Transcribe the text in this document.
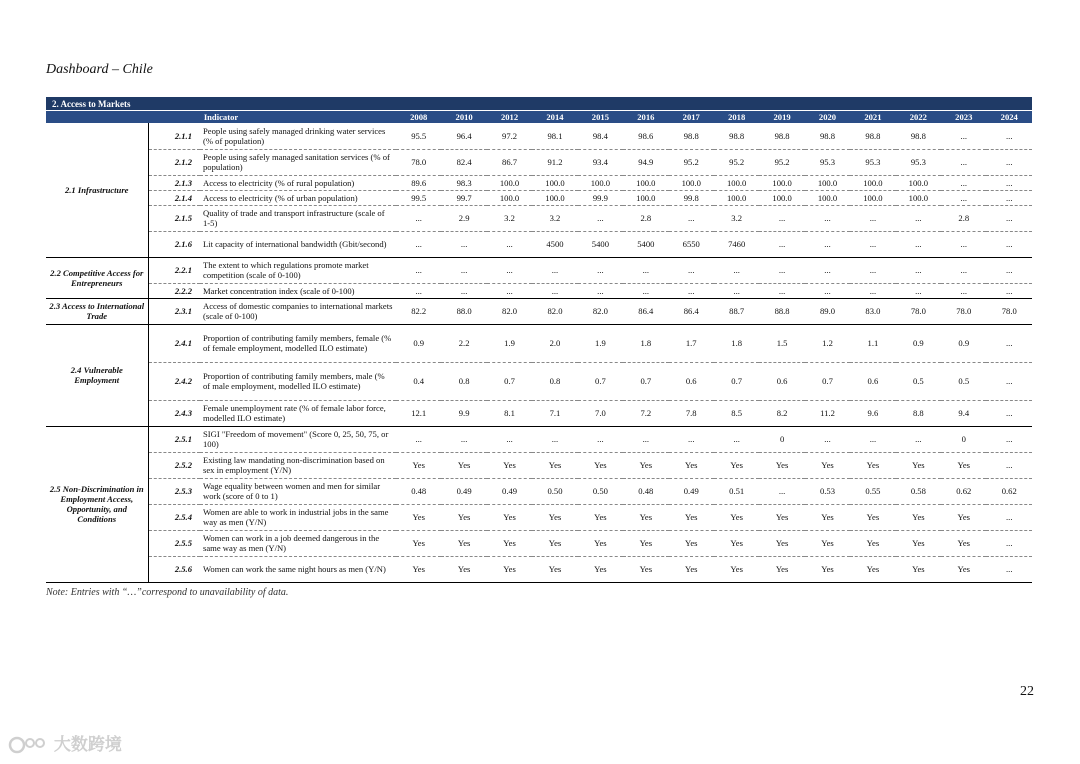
Dashboard – Chile
2. Access to Markets																
Indicator			2008	2010	2012	2014	2015	2016	2017	2018	2019	2020	2021	2022	2023	2024
2.1 Infrastructure	2.1.1	People using safely managed drinking water services (% of population)	95.5	96.4	97.2	98.1	98.4	98.6	98.8	98.8	98.8	98.8	98.8	98.8	...	...
	2.1.2	People using safely managed sanitation services (% of population)	78.0	82.4	86.7	91.2	93.4	94.9	95.2	95.2	95.2	95.3	95.3	95.3	...	...
	2.1.3	Access to electricity (% of rural population)	89.6	98.3	100.0	100.0	100.0	100.0	100.0	100.0	100.0	100.0	100.0	100.0	...	...
	2.1.4	Access to electricity (% of urban population)	99.5	99.7	100.0	100.0	99.9	100.0	99.8	100.0	100.0	100.0	100.0	100.0	...	...
	2.1.5	Quality of trade and transport infrastructure (scale of 1-5)	...	2.9	3.2	3.2	...	2.8	...	3.2	...	...	...	...	2.8	...
	2.1.6	Lit capacity of international bandwidth (Gbit/second)	...	...	...	4500	5400	5400	6550	7460	...	...	...	...	...	...
2.2 Competitive Access for Entrepreneurs	2.2.1	The extent to which regulations promote market competition (scale of 0-100)	...	...	...	...	...	...	...	...	...	...	...	...	...	...
	2.2.2	Market concentration index (scale of 0-100)	...	...	...	...	...	...	...	...	...	...	...	...	...	...
2.3 Access to International Trade	2.3.1	Access of domestic companies to international markets (scale of 0-100)	82.2	88.0	82.0	82.0	82.0	86.4	86.4	88.7	88.8	89.0	83.0	78.0	78.0	78.0
2.4 Vulnerable Employment	2.4.1	Proportion of contributing family members, female (% of female employment, modelled ILO estimate)	0.9	2.2	1.9	2.0	1.9	1.8	1.7	1.8	1.5	1.2	1.1	0.9	0.9	...
	2.4.2	Proportion of contributing family members, male (% of male employment, modelled ILO estimate)	0.4	0.8	0.7	0.8	0.7	0.7	0.6	0.7	0.6	0.7	0.6	0.5	0.5	...
	2.4.3	Female unemployment rate (% of female labor force, modelled ILO estimate)	12.1	9.9	8.1	7.1	7.0	7.2	7.8	8.5	8.2	11.2	9.6	8.8	9.4	...
2.5 Non-Discrimination in Employment Access, Opportunity, and Conditions	2.5.1	SIGI "Freedom of movement" (Score 0, 25, 50, 75, or 100)	...	...	...	...	...	...	...	...	0	...	...	...	0	...
	2.5.2	Existing law mandating non-discrimination based on sex in employment (Y/N)	Yes	Yes	Yes	Yes	Yes	Yes	Yes	Yes	Yes	Yes	Yes	Yes	Yes	...
	2.5.3	Wage equality between women and men for similar work (score of 0 to 1)	0.48	0.49	0.49	0.50	0.50	0.48	0.49	0.51	...	0.53	0.55	0.58	0.62	0.62
	2.5.4	Women are able to work in industrial jobs in the same way as men (Y/N)	Yes	Yes	Yes	Yes	Yes	Yes	Yes	Yes	Yes	Yes	Yes	Yes	Yes	...
	2.5.5	Women can work in a job deemed dangerous in the same way as men (Y/N)	Yes	Yes	Yes	Yes	Yes	Yes	Yes	Yes	Yes	Yes	Yes	Yes	Yes	...
	2.5.6	Women can work the same night hours as men (Y/N)	Yes	Yes	Yes	Yes	Yes	Yes	Yes	Yes	Yes	Yes	Yes	Yes	Yes	...
Note: Entries with “…”correspond to unavailability of data.
22
大数跨境
